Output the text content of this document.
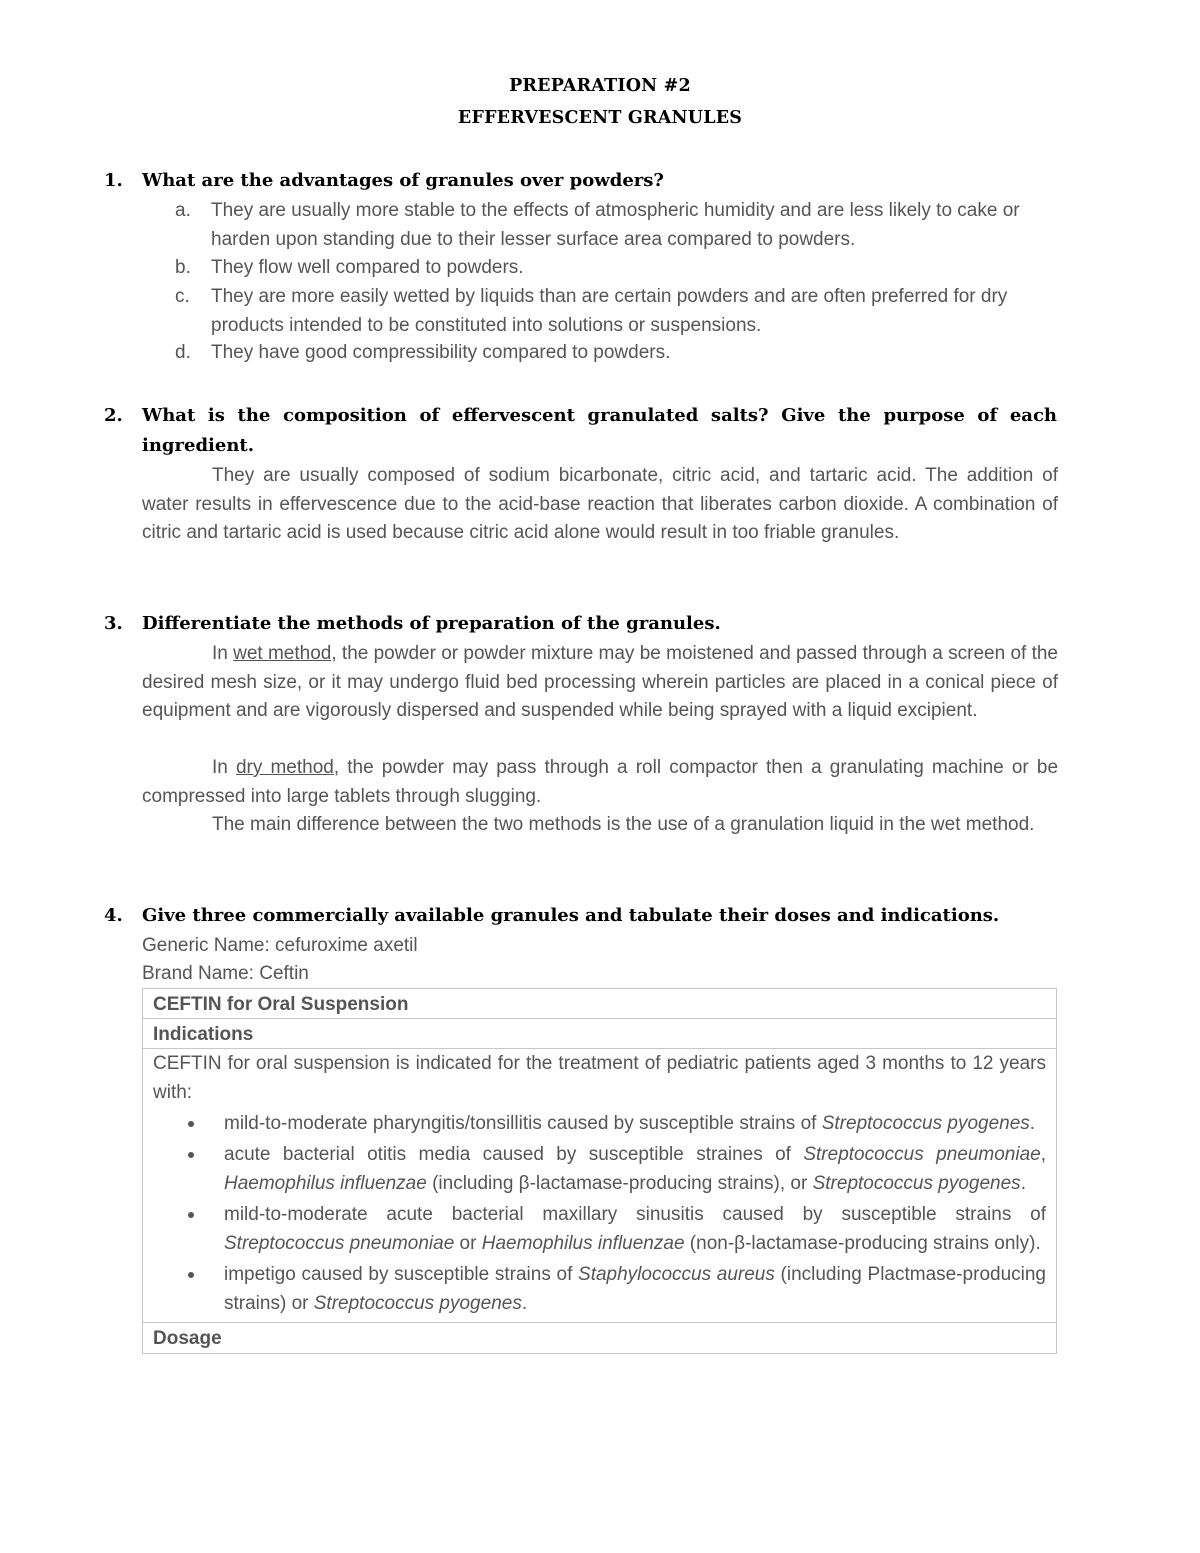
PREPARATION #2
EFFERVESCENT GRANULES
1. What are the advantages of granules over powders?
a. They are usually more stable to the effects of atmospheric humidity and are less likely to cake or harden upon standing due to their lesser surface area compared to powders.
b. They flow well compared to powders.
c. They are more easily wetted by liquids than are certain powders and are often preferred for dry products intended to be constituted into solutions or suspensions.
d. They have good compressibility compared to powders.
2. What is the composition of effervescent granulated salts? Give the purpose of each ingredient.
They are usually composed of sodium bicarbonate, citric acid, and tartaric acid. The addition of water results in effervescence due to the acid-base reaction that liberates carbon dioxide. A combination of citric and tartaric acid is used because citric acid alone would result in too friable granules.
3. Differentiate the methods of preparation of the granules.
In wet method, the powder or powder mixture may be moistened and passed through a screen of the desired mesh size, or it may undergo fluid bed processing wherein particles are placed in a conical piece of equipment and are vigorously dispersed and suspended while being sprayed with a liquid excipient.
In dry method, the powder may pass through a roll compactor then a granulating machine or be compressed into large tablets through slugging.
The main difference between the two methods is the use of a granulation liquid in the wet method.
4. Give three commercially available granules and tabulate their doses and indications.
Generic Name: cefuroxime axetil
Brand Name: Ceftin
CEFTIN for Oral Suspension
Indications
CEFTIN for oral suspension is indicated for the treatment of pediatric patients aged 3 months to 12 years with:
mild-to-moderate pharyngitis/tonsillitis caused by susceptible strains of Streptococcus pyogenes.
acute bacterial otitis media caused by susceptible straines of Streptococcus pneumoniae, Haemophilus influenzae (including β-lactamase-producing strains), or Streptococcus pyogenes.
mild-to-moderate acute bacterial maxillary sinusitis caused by susceptible strains of Streptococcus pneumoniae or Haemophilus influenzae (non-β-lactamase-producing strains only).
impetigo caused by susceptible strains of Staphylococcus aureus (including Plactmase-producing strains) or Streptococcus pyogenes.
Dosage
